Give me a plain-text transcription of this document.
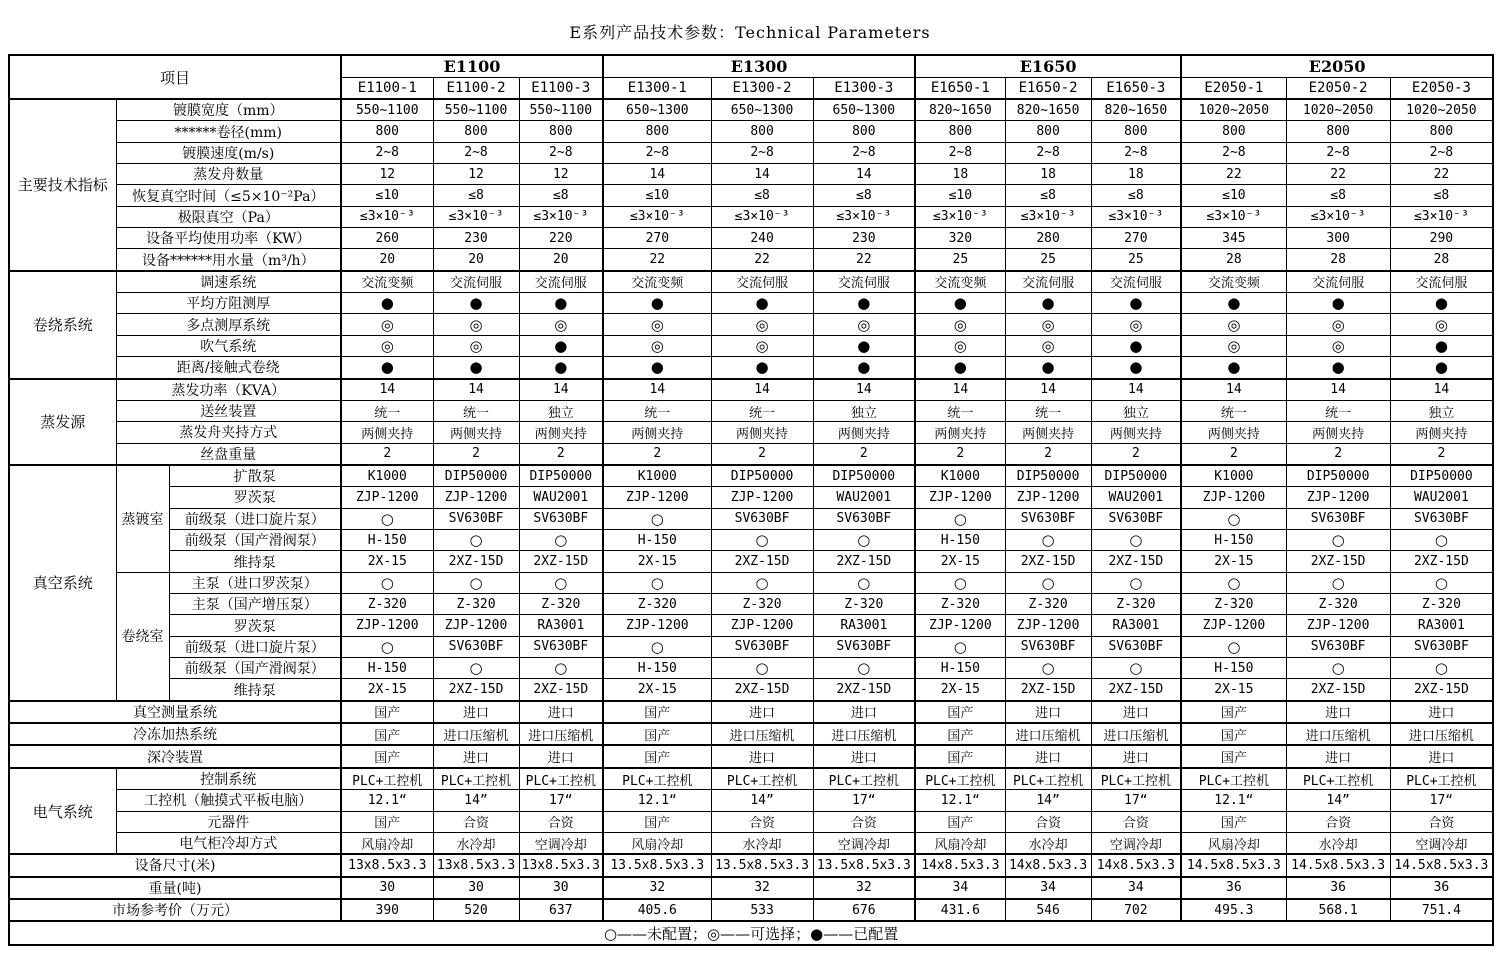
E系列产品技术参数：Technical Parameters
项目			E1100			E1300			E1650			E2050		
			E1100-1	E1100-2	E1100-3	E1300-1	E1300-2	E1300-3	E1650-1	E1650-2	E1650-3	E2050-1	E2050-2	E2050-3
主要技术指标	镀膜宽度（mm）		550~1100	550~1100	550~1100	650~1300	650~1300	650~1300	820~1650	820~1650	820~1650	1020~2050	1020~2050	1020~2050
	******卷径(mm)		800	800	800	800	800	800	800	800	800	800	800	800
	镀膜速度(m/s)		2~8	2~8	2~8	2~8	2~8	2~8	2~8	2~8	2~8	2~8	2~8	2~8
	蒸发舟数量		12	12	12	14	14	14	18	18	18	22	22	22
	恢复真空时间（≤5×10⁻²Pa）		≤10	≤8	≤8	≤10	≤8	≤8	≤10	≤8	≤8	≤10	≤8	≤8
	极限真空（Pa）		≤3×10⁻³	≤3×10⁻³	≤3×10⁻³	≤3×10⁻³	≤3×10⁻³	≤3×10⁻³	≤3×10⁻³	≤3×10⁻³	≤3×10⁻³	≤3×10⁻³	≤3×10⁻³	≤3×10⁻³
	设备平均使用功率（KW）		260	230	220	270	240	230	320	280	270	345	300	290
	设备******用水量（m³/h）		20	20	20	22	22	22	25	25	25	28	28	28
卷绕系统	调速系统		交流变频	交流伺服	交流伺服	交流变频	交流伺服	交流伺服	交流变频	交流伺服	交流伺服	交流变频	交流伺服	交流伺服
	平均方阻测厚		●	●	●	●	●	●	●	●	●	●	●	●
	多点测厚系统		◎	◎	◎	◎	◎	◎	◎	◎	◎	◎	◎	◎
	吹气系统		◎	◎	●	◎	◎	●	◎	◎	●	◎	◎	●
	距离/接触式卷绕		●	●	●	●	●	●	●	●	●	●	●	●
蒸发源	蒸发功率（KVA）		14	14	14	14	14	14	14	14	14	14	14	14
	送丝装置		统一	统一	独立	统一	统一	独立	统一	统一	独立	统一	统一	独立
	蒸发舟夹持方式		两侧夹持	两侧夹持	两侧夹持	两侧夹持	两侧夹持	两侧夹持	两侧夹持	两侧夹持	两侧夹持	两侧夹持	两侧夹持	两侧夹持
	丝盘重量		2	2	2	2	2	2	2	2	2	2	2	2
真空系统	蒸镀室	扩散泵	K1000	DIP50000	DIP50000	K1000	DIP50000	DIP50000	K1000	DIP50000	DIP50000	K1000	DIP50000	DIP50000
		罗茨泵	ZJP-1200	ZJP-1200	WAU2001	ZJP-1200	ZJP-1200	WAU2001	ZJP-1200	ZJP-1200	WAU2001	ZJP-1200	ZJP-1200	WAU2001
		前级泵（进口旋片泵）	○	SV630BF	SV630BF	○	SV630BF	SV630BF	○	SV630BF	SV630BF	○	SV630BF	SV630BF
		前级泵（国产滑阀泵）	H-150	○	○	H-150	○	○	H-150	○	○	H-150	○	○
		维持泵	2X-15	2XZ-15D	2XZ-15D	2X-15	2XZ-15D	2XZ-15D	2X-15	2XZ-15D	2XZ-15D	2X-15	2XZ-15D	2XZ-15D
	卷绕室	主泵（进口罗茨泵）	○	○	○	○	○	○	○	○	○	○	○	○
		主泵（国产增压泵）	Z-320	Z-320	Z-320	Z-320	Z-320	Z-320	Z-320	Z-320	Z-320	Z-320	Z-320	Z-320
		罗茨泵	ZJP-1200	ZJP-1200	RA3001	ZJP-1200	ZJP-1200	RA3001	ZJP-1200	ZJP-1200	RA3001	ZJP-1200	ZJP-1200	RA3001
		前级泵（进口旋片泵）	○	SV630BF	SV630BF	○	SV630BF	SV630BF	○	SV630BF	SV630BF	○	SV630BF	SV630BF
		前级泵（国产滑阀泵）	H-150	○	○	H-150	○	○	H-150	○	○	H-150	○	○
		维持泵	2X-15	2XZ-15D	2XZ-15D	2X-15	2XZ-15D	2XZ-15D	2X-15	2XZ-15D	2XZ-15D	2X-15	2XZ-15D	2XZ-15D
真空测量系统			国产	进口	进口	国产	进口	进口	国产	进口	进口	国产	进口	进口
冷冻加热系统			国产	进口压缩机	进口压缩机	国产	进口压缩机	进口压缩机	国产	进口压缩机	进口压缩机	国产	进口压缩机	进口压缩机
深冷装置			国产	进口	进口	国产	进口	进口	国产	进口	进口	国产	进口	进口
电气系统	控制系统		PLC+工控机	PLC+工控机	PLC+工控机	PLC+工控机	PLC+工控机	PLC+工控机	PLC+工控机	PLC+工控机	PLC+工控机	PLC+工控机	PLC+工控机	PLC+工控机
	工控机（触摸式平板电脑）		12.1“	14”	17“	12.1“	14”	17“	12.1“	14”	17“	12.1“	14”	17“
	元器件		国产	合资	合资	国产	合资	合资	国产	合资	合资	国产	合资	合资
	电气柜冷却方式		风扇冷却	水冷却	空调冷却	风扇冷却	水冷却	空调冷却	风扇冷却	水冷却	空调冷却	风扇冷却	水冷却	空调冷却
设备尺寸(米)			13x8.5x3.3	13x8.5x3.3	13x8.5x3.3	13.5x8.5x3.3	13.5x8.5x3.3	13.5x8.5x3.3	14x8.5x3.3	14x8.5x3.3	14x8.5x3.3	14.5x8.5x3.3	14.5x8.5x3.3	14.5x8.5x3.3
重量(吨)			30	30	30	32	32	32	34	34	34	36	36	36
市场参考价（万元）			390	520	637	405.6	533	676	431.6	546	702	495.3	568.1	751.4
○——未配置；◎——可选择；●——已配置														
